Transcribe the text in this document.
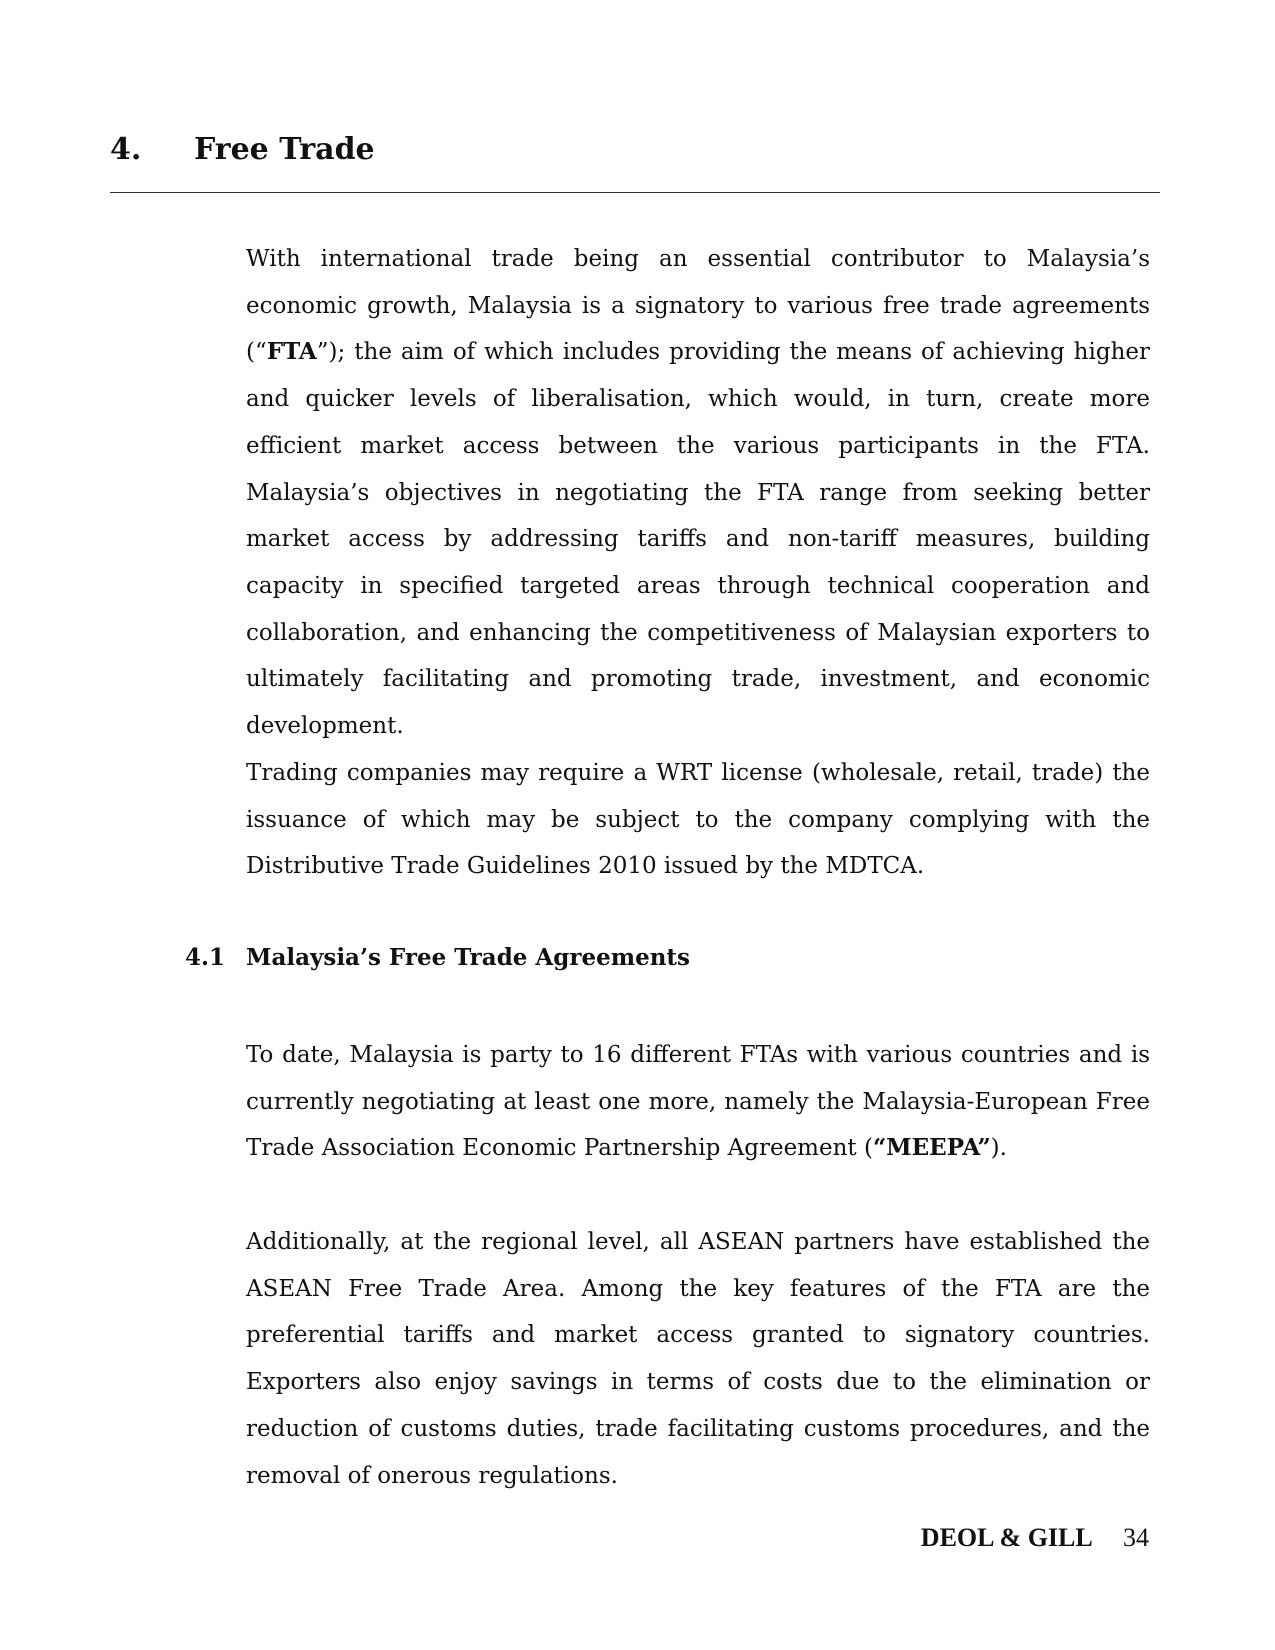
4. Free Trade

With international trade being an essential contributor to Malaysia’s economic growth, Malaysia is a signatory to various free trade agreements (“FTA”); the aim of which includes providing the means of achieving higher and quicker levels of liberalisation, which would, in turn, create more efficient market access between the various participants in the FTA. Malaysia’s objectives in negotiating the FTA range from seeking better market access by addressing tariffs and non-tariff measures, building capacity in specified targeted areas through technical cooperation and collaboration, and enhancing the competitiveness of Malaysian exporters to ultimately facilitating and promoting trade, investment, and economic development.

Trading companies may require a WRT license (wholesale, retail, trade) the issuance of which may be subject to the company complying with the Distributive Trade Guidelines 2010 issued by the MDTCA.

4.1 Malaysia’s Free Trade Agreements

To date, Malaysia is party to 16 different FTAs with various countries and is currently negotiating at least one more, namely the Malaysia-European Free Trade Association Economic Partnership Agreement (“MEEPA”).

Additionally, at the regional level, all ASEAN partners have established the ASEAN Free Trade Area. Among the key features of the FTA are the preferential tariffs and market access granted to signatory countries. Exporters also enjoy savings in terms of costs due to the elimination or reduction of customs duties, trade facilitating customs procedures, and the removal of onerous regulations.

DEOL & GILL 34
